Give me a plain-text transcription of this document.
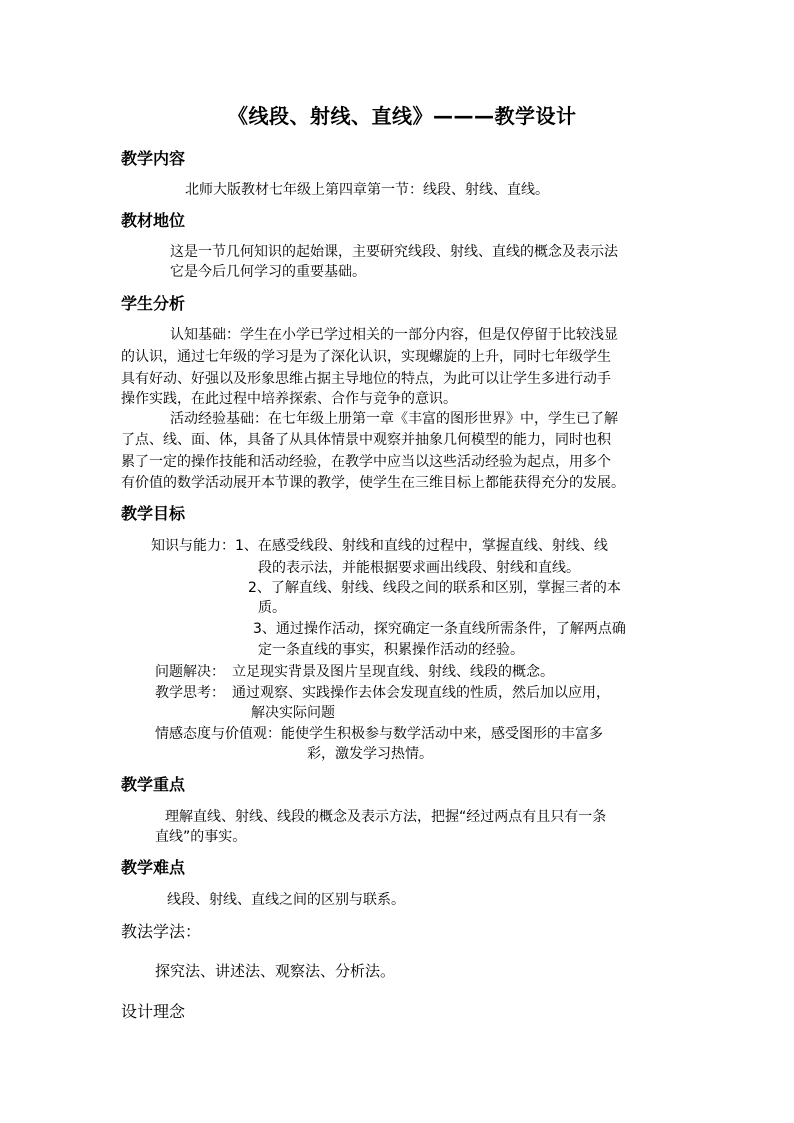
《线段、射线、直线》———教学设计
教学内容
北师大版教材七年级上第四章第一节：线段、射线、直线。
教材地位
这是一节几何知识的起始课，主要研究线段、射线、直线的概念及表示法
它是今后几何学习的重要基础。
学生分析
认知基础：学生在小学已学过相关的一部分内容，但是仅停留于比较浅显
的认识，通过七年级的学习是为了深化认识，实现螺旋的上升，同时七年级学生
具有好动、好强以及形象思维占据主导地位的特点，为此可以让学生多进行动手
操作实践，在此过程中培养探索、合作与竞争的意识。
活动经验基础：在七年级上册第一章《丰富的图形世界》中，学生已了解
了点、线、面、体，具备了从具体情景中观察并抽象几何模型的能力，同时也积
累了一定的操作技能和活动经验，在教学中应当以这些活动经验为起点，用多个
有价值的数学活动展开本节课的教学，使学生在三维目标上都能获得充分的发展。
教学目标
知识与能力：1、在感受线段、射线和直线的过程中，掌握直线、射线、线
段的表示法，并能根据要求画出线段、射线和直线。
2、了解直线、射线、线段之间的联系和区别，掌握三者的本
质。
3、通过操作活动，探究确定一条直线所需条件，了解两点确
定一条直线的事实，积累操作活动的经验。
问题解决：　立足现实背景及图片呈现直线、射线、线段的概念。
教学思考：　通过观察、实践操作去体会发现直线的性质，然后加以应用，
解决实际问题
情感态度与价值观：能使学生积极参与数学活动中来，感受图形的丰富多
彩，激发学习热情。
教学重点
理解直线、射线、线段的概念及表示方法，把握“经过两点有且只有一条
直线”的事实。
教学难点
线段、射线、直线之间的区别与联系。
教法学法：
探究法、讲述法、观察法、分析法。
设计理念
